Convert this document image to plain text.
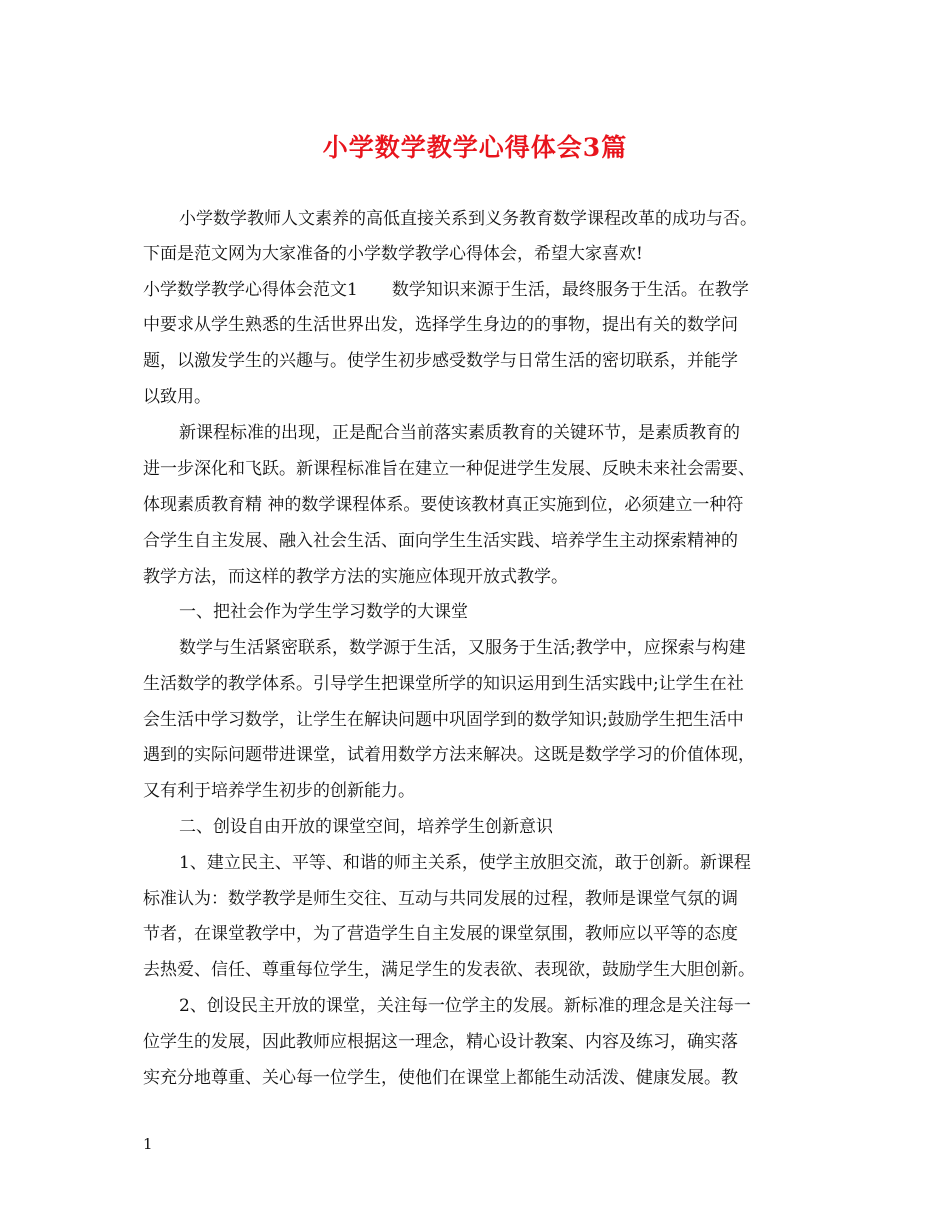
小学数学教学心得体会3篇

小学数学教师人文素养的高低直接关系到义务教育数学课程改革的成功与否。

下面是范文网为大家准备的小学数学教学心得体会，希望大家喜欢!

小学数学教学心得体会范文1　　数学知识来源于生活，最终服务于生活。在教学

中要求从学生熟悉的生活世界出发，选择学生身边的的事物，提出有关的数学问

题，以激发学生的兴趣与。使学生初步感受数学与日常生活的密切联系，并能学

以致用。

新课程标准的出现，正是配合当前落实素质教育的关键环节，是素质教育的

进一步深化和飞跃。新课程标准旨在建立一种促进学生发展、反映未来社会需要、

体现素质教育精 神的数学课程体系。要使该教材真正实施到位，必须建立一种符

合学生自主发展、融入社会生活、面向学生生活实践、培养学生主动探索精神的

教学方法，而这样的教学方法的实施应体现开放式教学。

一、把社会作为学生学习数学的大课堂

数学与生活紧密联系，数学源于生活，又服务于生活;教学中，应探索与构建

生活数学的教学体系。引导学生把课堂所学的知识运用到生活实践中;让学生在社

会生活中学习数学，让学生在解诀问题中巩固学到的数学知识;鼓励学生把生活中

遇到的实际问题带进课堂，试着用数学方法来解决。这既是数学学习的价值体现，

又有利于培养学生初步的创新能力。

二、创设自由开放的课堂空间，培养学生创新意识

1、建立民主、平等、和谐的师主关系，使学主放胆交流，敢于创新。新课程

标准认为：数学教学是师生交往、互动与共同发展的过程，教师是课堂气氛的调

节者，在课堂教学中，为了营造学生自主发展的课堂氛围，教师应以平等的态度

去热爱、信任、尊重每位学生，满足学生的发表欲、表现欲，鼓励学生大胆创新。

2、创设民主开放的课堂，关注每一位学主的发展。新标准的理念是关注每一

位学生的发展，因此教师应根据这一理念，精心设计教案、内容及练习，确实落

实充分地尊重、关心每一位学生，使他们在课堂上都能生动活泼、健康发展。教

1
